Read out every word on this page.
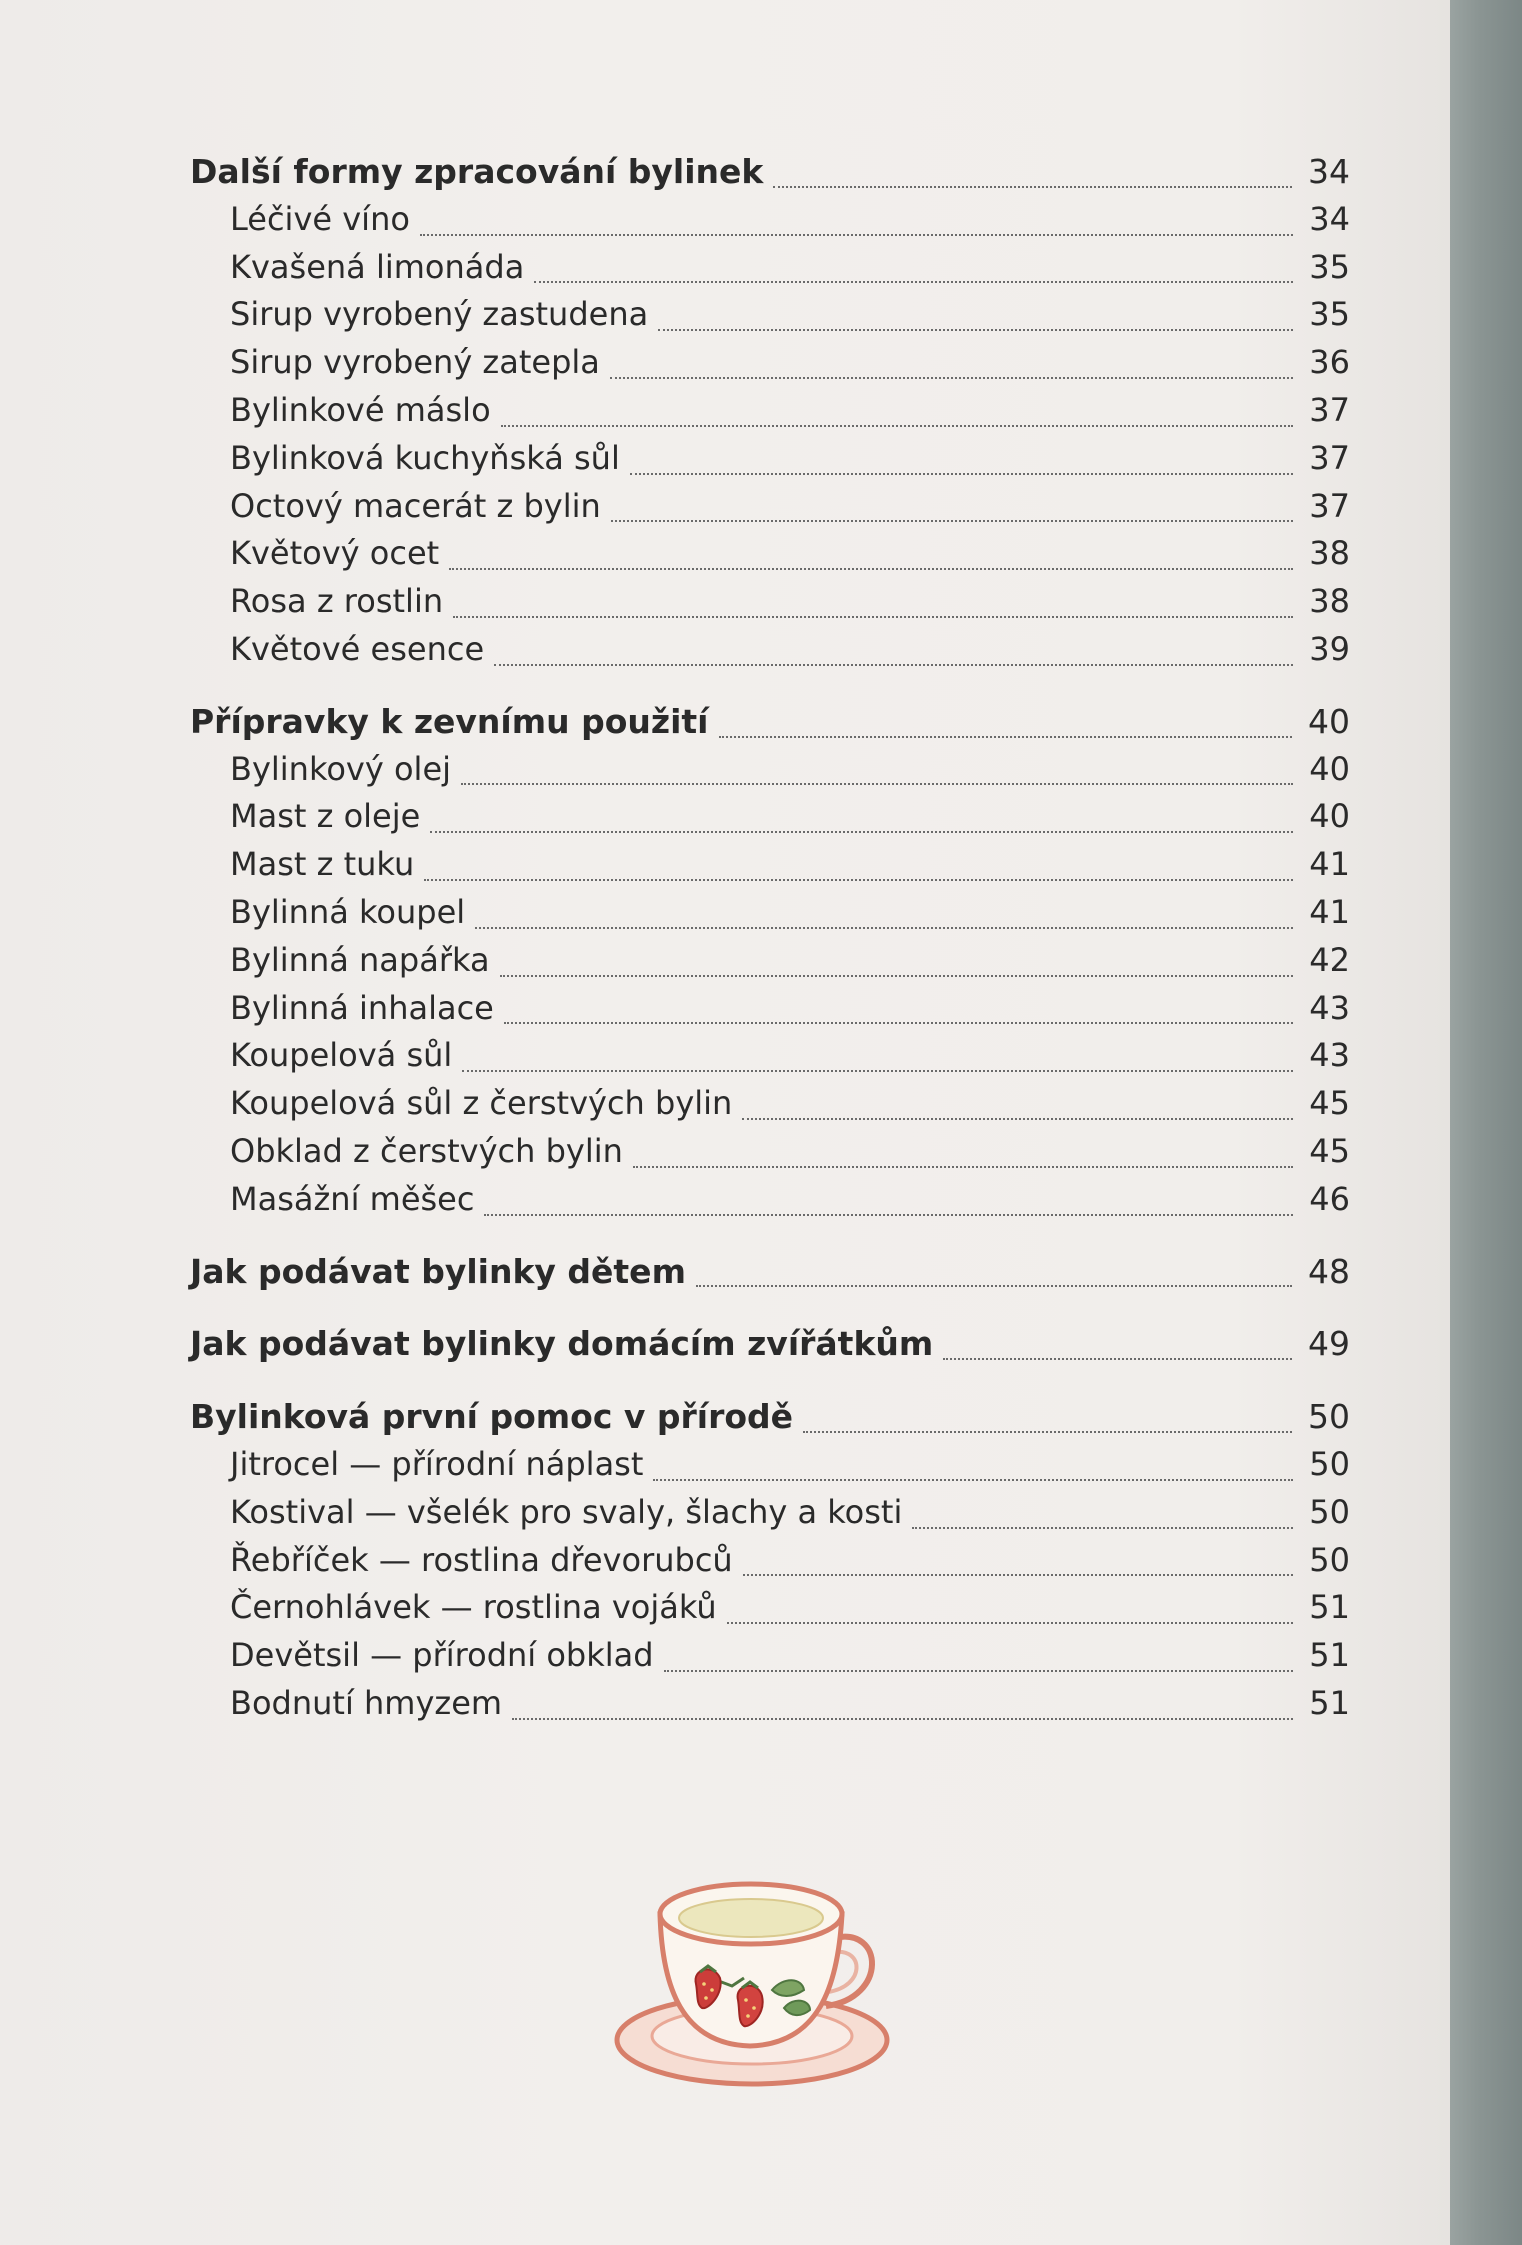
Další formy zpracování bylinek	34
Léčivé víno	34
Kvašená limonáda	35
Sirup vyrobený zastudena	35
Sirup vyrobený zatepla	36
Bylinkové máslo	37
Bylinková kuchyňská sůl	37
Octový macerát z bylin	37
Květový ocet	38
Rosa z rostlin	38
Květové esence	39
Přípravky k zevnímu použití	40
Bylinkový olej	40
Mast z oleje	40
Mast z tuku	41
Bylinná koupel	41
Bylinná napářka	42
Bylinná inhalace	43
Koupelová sůl	43
Koupelová sůl z čerstvých bylin	45
Obklad z čerstvých bylin	45
Masážní měšec	46
Jak podávat bylinky dětem	48
Jak podávat bylinky domácím zvířátkům	49
Bylinková první pomoc v přírodě	50
Jitrocel — přírodní náplast	50
Kostival — všelék pro svaly, šlachy a kosti	50
Řebříček — rostlina dřevorubců	50
Černohlávek — rostlina vojáků	51
Devětsil — přírodní obklad	51
Bodnutí hmyzem	51
